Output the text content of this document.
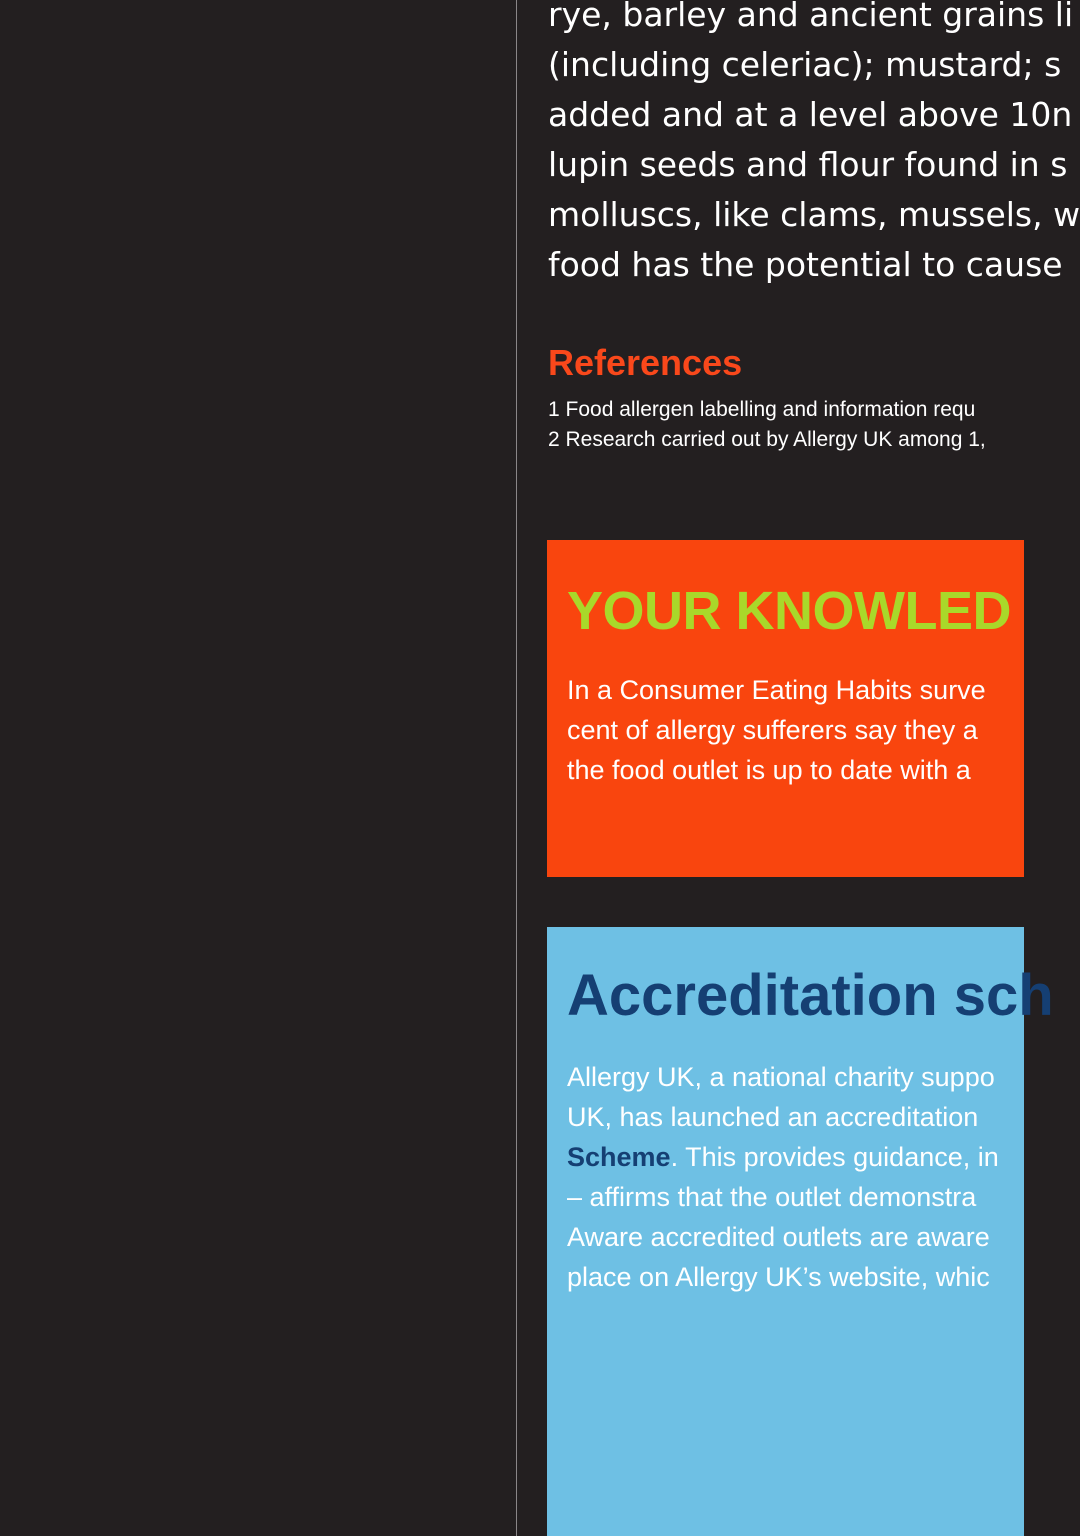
rye, barley and ancient grains li
(including celeriac); mustard; s
added and at a level above 10n
lupin seeds and flour found in s
molluscs, like clams, mussels, w
food has the potential to cause
References
1 Food allergen labelling and information requ
2 Research carried out by Allergy UK among 1,
YOUR KNOWLED
In a Consumer Eating Habits surve
cent of allergy sufferers say they a
the food outlet is up to date with a
Accreditation sch
Allergy UK, a national charity suppo
UK, has launched an accreditation
Scheme. This provides guidance, in
– affirms that the outlet demonstra
Aware accredited outlets are aware
place on Allergy UK’s website, whic
